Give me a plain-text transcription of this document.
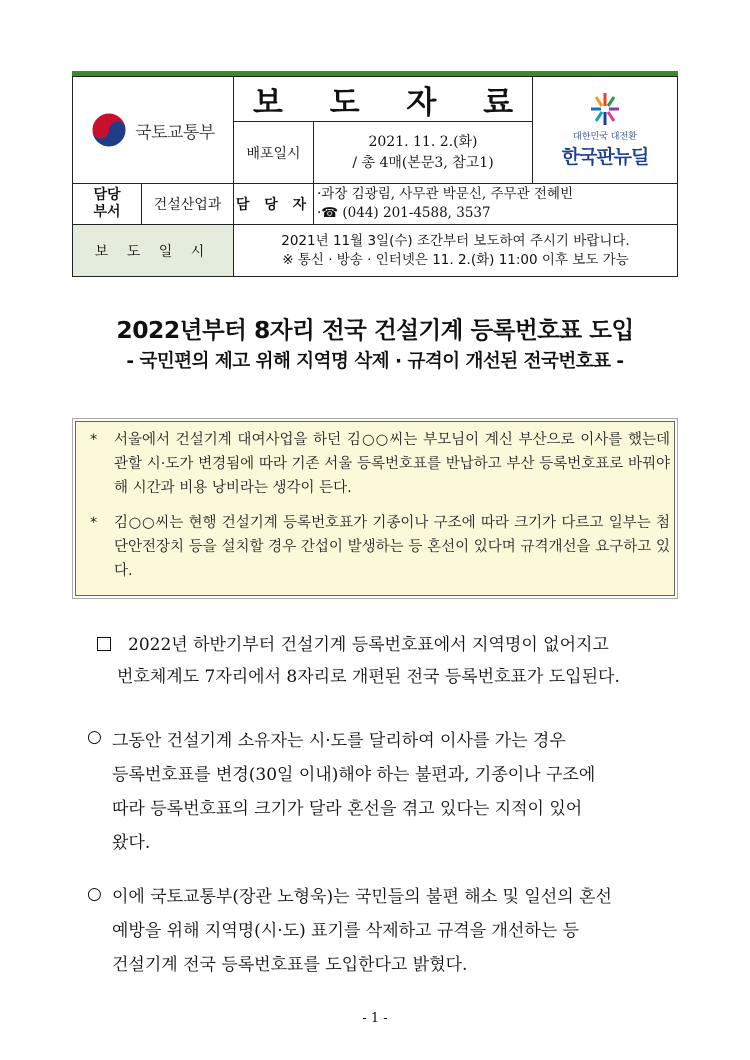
국토교통부
보 도 자 료
배포일시
2021. 11. 2.(화)
/ 총 4매(본문3, 참고1)
대한민국 대전환
한국판뉴딜
담당
부서	건설산업과	담 당 자
·과장 김광림, 사무관 박문신, 주무관 전혜빈
·☎ (044) 201-4588, 3537
보 도 일 시
2021년 11월 3일(수) 조간부터 보도하여 주시기 바랍니다.
※ 통신 · 방송 · 인터넷은 11. 2.(화) 11:00 이후 보도 가능
2022년부터 8자리 전국 건설기계 등록번호표 도입
- 국민편의 제고 위해 지역명 삭제 · 규격이 개선된 전국번호표 -
* 서울에서 건설기계 대여사업을 하던 김○○씨는 부모님이 계신 부산으로 이사를 했는데 관할 시·도가 변경됨에 따라 기존 서울 등록번호표를 반납하고 부산 등록번호표로 바꿔야해 시간과 비용 낭비라는 생각이 든다.
* 김○○씨는 현행 건설기계 등록번호표가 기종이나 구조에 따라 크기가 다르고 일부는 첨단안전장치 등을 설치할 경우 간섭이 발생하는 등 혼선이 있다며 규격개선을 요구하고 있다.
2022년 하반기부터 건설기계 등록번호표에서 지역명이 없어지고
번호체계도 7자리에서 8자리로 개편된 전국 등록번호표가 도입된다.
○ 그동안 건설기계 소유자는 시·도를 달리하여 이사를 가는 경우
등록번호표를 변경(30일 이내)해야 하는 불편과, 기종이나 구조에
따라 등록번호표의 크기가 달라 혼선을 겪고 있다는 지적이 있어
왔다.
○ 이에 국토교통부(장관 노형욱)는 국민들의 불편 해소 및 일선의 혼선
예방을 위해 지역명(시·도) 표기를 삭제하고 규격을 개선하는 등
건설기계 전국 등록번호표를 도입한다고 밝혔다.
- 1 -
